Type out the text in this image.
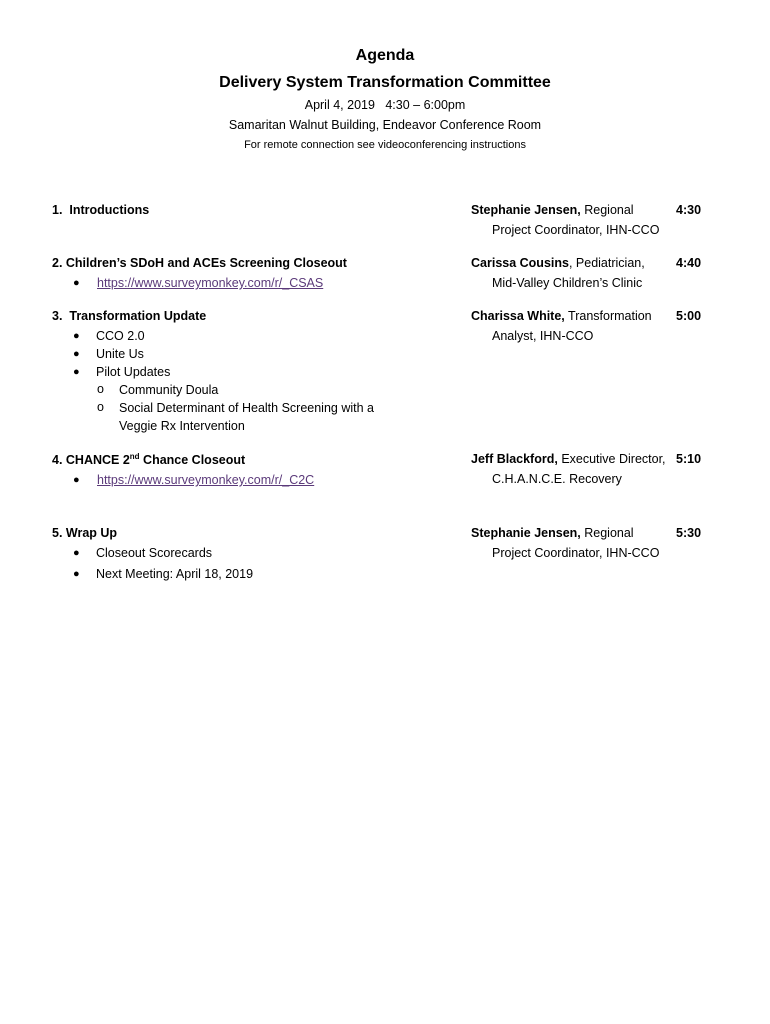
Agenda
Delivery System Transformation Committee
April 4, 2019   4:30 – 6:00pm
Samaritan Walnut Building, Endeavor Conference Room
For remote connection see videoconferencing instructions
1.  Introductions	Stephanie Jensen, Regional
Project Coordinator, IHN-CCO
4:30
2. Children’s SDoH and ACEs Screening Closeout
● https://www.surveymonkey.com/r/_CSAS
Carissa Cousins, Pediatrician,
Mid-Valley Children’s Clinic
4:40
3.  Transformation Update
● CCO 2.0
● Unite Us
● Pilot Updates
o Community Doula
o Social Determinant of Health Screening with a
Veggie Rx Intervention
Charissa White, Transformation
Analyst, IHN-CCO
5:00
4. CHANCE 2nd Chance Closeout
● https://www.surveymonkey.com/r/_C2C
Jeff Blackford, Executive Director,
C.H.A.N.C.E. Recovery
5:10
5. Wrap Up
● Closeout Scorecards
● Next Meeting: April 18, 2019
Stephanie Jensen, Regional
Project Coordinator, IHN-CCO
5:30
